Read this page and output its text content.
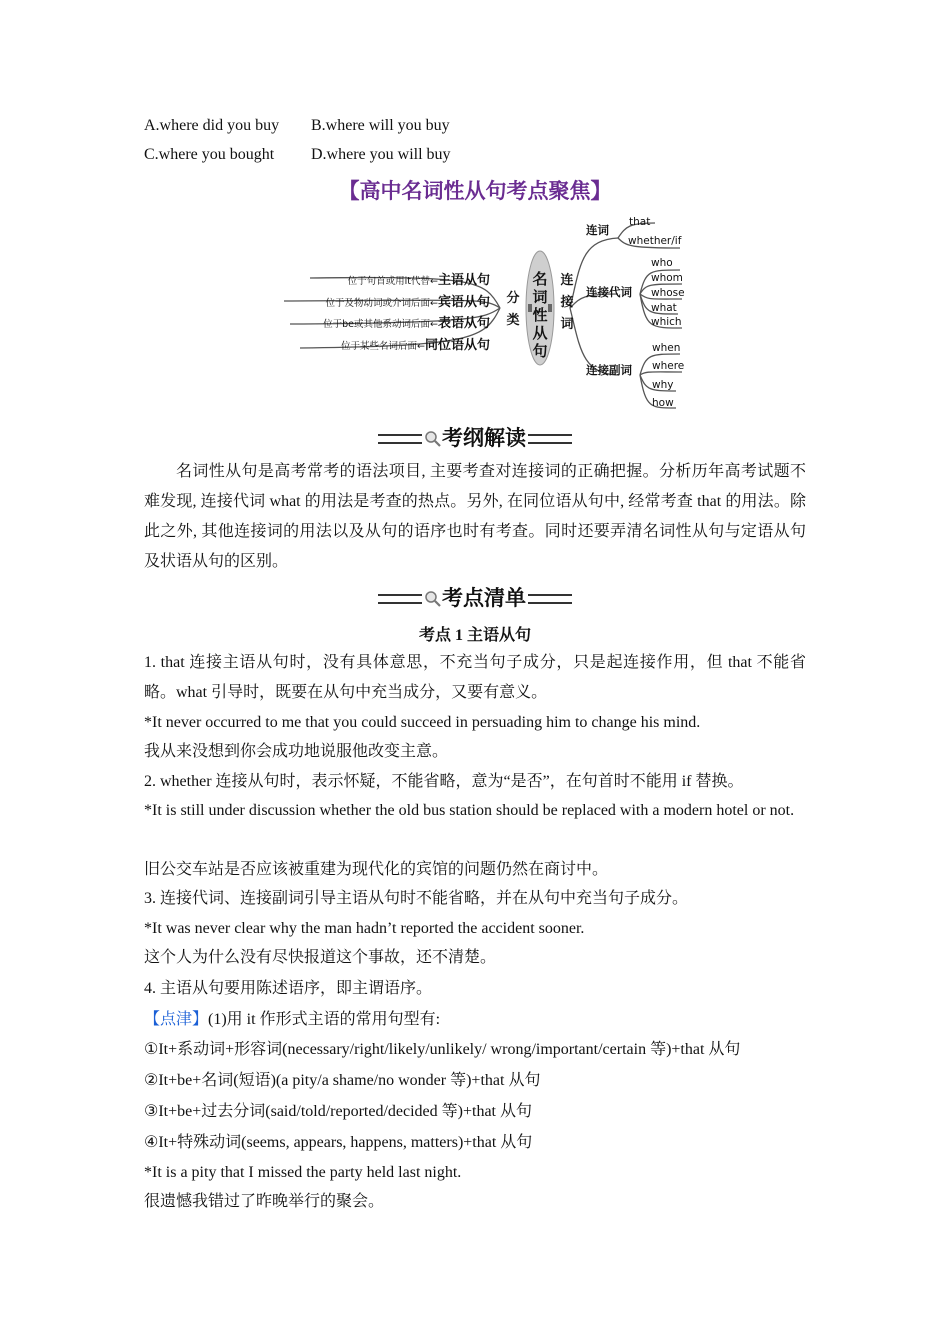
A.where did you buy B.where will you buy
C.where you bought D.where you will buy
【高中名词性从句考点聚焦】
名词性从句
分类
连接词
位于句首或用it代替←主语从句
位于及物动词或介词后面←宾语从句
位于be或其他系动词后面←表语从句
位于某些名词后面←同位语从句
连词
that
whether/if
连接代词
who
whom
whose
what
which
连接副词
when
where
why
how
考纲解读
名词性从句是高考常考的语法项目, 主要考查对连接词的正确把握。分析历年高考试题不难发现, 连接代词 what 的用法是考查的热点。另外, 在同位语从句中, 经常考查 that 的用法。除此之外, 其他连接词的用法以及从句的语序也时有考查。同时还要弄清名词性从句与定语从句及状语从句的区别。
考点清单
考点 1 主语从句
1. that 连接主语从句时，没有具体意思，不充当句子成分，只是起连接作用，但 that 不能省略。what 引导时，既要在从句中充当成分，又要有意义。
*It never occurred to me that you could succeed in persuading him to change his mind.
我从来没想到你会成功地说服他改变主意。
2. whether 连接从句时，表示怀疑，不能省略，意为“是否”，在句首时不能用 if 替换。
*It is still under discussion whether the old bus station should be replaced with a modern hotel or not.
旧公交车站是否应该被重建为现代化的宾馆的问题仍然在商讨中。
3. 连接代词、连接副词引导主语从句时不能省略，并在从句中充当句子成分。
*It was never clear why the man hadn’t reported the accident sooner.
这个人为什么没有尽快报道这个事故，还不清楚。
4. 主语从句要用陈述语序，即主谓语序。
【点津】(1)用 it 作形式主语的常用句型有:
①It+系动词+形容词(necessary/right/likely/unlikely/ wrong/important/certain 等)+that 从句
②It+be+名词(短语)(a pity/a shame/no wonder 等)+that 从句
③It+be+过去分词(said/told/reported/decided 等)+that 从句
④It+特殊动词(seems, appears, happens, matters)+that 从句
*It is a pity that I missed the party held last night.
很遗憾我错过了昨晚举行的聚会。
